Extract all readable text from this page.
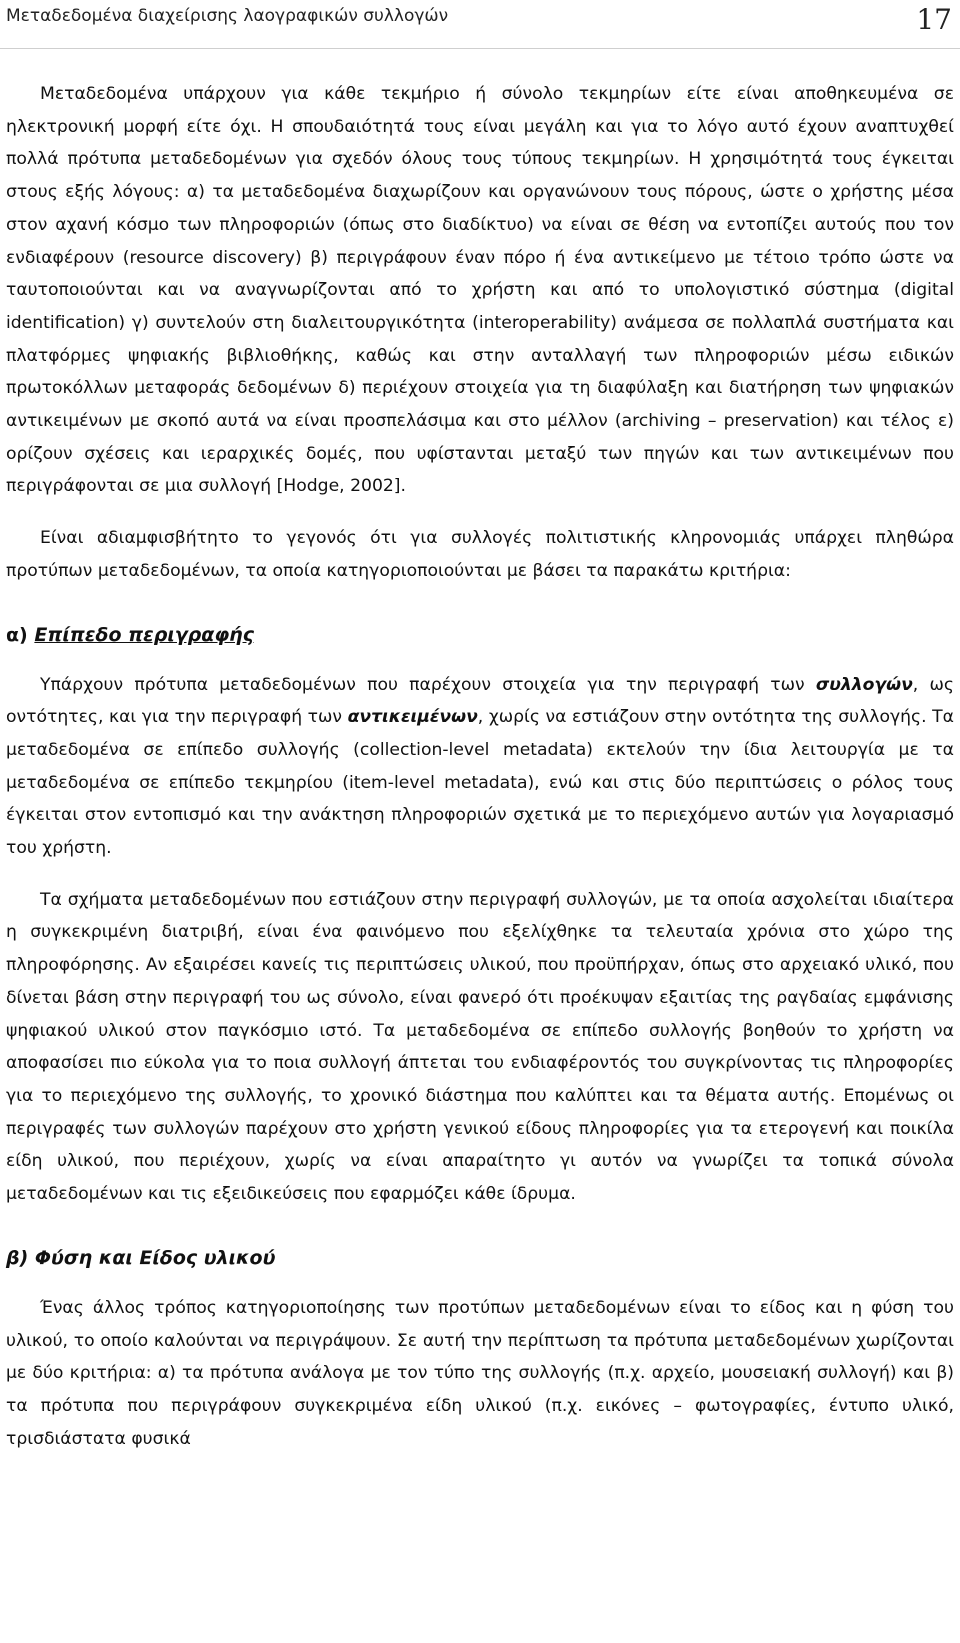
Μεταδεδομένα διαχείρισης λαογραφικών συλλογών	17

Μεταδεδομένα υπάρχουν για κάθε τεκμήριο ή σύνολο τεκμηρίων είτε είναι αποθηκευμένα σε ηλεκτρονική μορφή είτε όχι. Η σπουδαιότητά τους είναι μεγάλη και για το λόγο αυτό έχουν αναπτυχθεί πολλά πρότυπα μεταδεδομένων για σχεδόν όλους τους τύπους τεκμηρίων. Η χρησιμότητά τους έγκειται στους εξής λόγους: α) τα μεταδεδομένα διαχωρίζουν και οργανώνουν τους πόρους, ώστε ο χρήστης μέσα στον αχανή κόσμο των πληροφοριών (όπως στο διαδίκτυο) να είναι σε θέση να εντοπίζει αυτούς που τον ενδιαφέρουν (resource discovery) β) περιγράφουν έναν πόρο ή ένα αντικείμενο με τέτοιο τρόπο ώστε να ταυτοποιούνται και να αναγνωρίζονται από το χρήστη και από το υπολογιστικό σύστημα (digital identification) γ) συντελούν στη διαλειτουργικότητα (interoperability) ανάμεσα σε πολλαπλά συστήματα και πλατφόρμες ψηφιακής βιβλιοθήκης, καθώς και στην ανταλλαγή των πληροφοριών μέσω ειδικών πρωτοκόλλων μεταφοράς δεδομένων δ) περιέχουν στοιχεία για τη διαφύλαξη και διατήρηση των ψηφιακών αντικειμένων με σκοπό αυτά να είναι προσπελάσιμα και στο μέλλον (archiving – preservation) και τέλος ε) ορίζουν σχέσεις και ιεραρχικές δομές, που υφίστανται μεταξύ των πηγών και των αντικειμένων που περιγράφονται σε μια συλλογή [Hodge, 2002].

Είναι αδιαμφισβήτητο το γεγονός ότι για συλλογές πολιτιστικής κληρονομιάς υπάρχει πληθώρα προτύπων μεταδεδομένων, τα οποία κατηγοριοποιούνται με βάσει τα παρακάτω κριτήρια:

α) Επίπεδο περιγραφής

Υπάρχουν πρότυπα μεταδεδομένων που παρέχουν στοιχεία για την περιγραφή των συλλογών, ως οντότητες, και για την περιγραφή των αντικειμένων, χωρίς να εστιάζουν στην οντότητα της συλλογής. Τα μεταδεδομένα σε επίπεδο συλλογής (collection-level metadata) εκτελούν την ίδια λειτουργία με τα μεταδεδομένα σε επίπεδο τεκμηρίου (item-level metadata), ενώ και στις δύο περιπτώσεις ο ρόλος τους έγκειται στον εντοπισμό και την ανάκτηση πληροφοριών σχετικά με το περιεχόμενο αυτών για λογαριασμό του χρήστη.

Τα σχήματα μεταδεδομένων που εστιάζουν στην περιγραφή συλλογών, με τα οποία ασχολείται ιδιαίτερα η συγκεκριμένη διατριβή, είναι ένα φαινόμενο που εξελίχθηκε τα τελευταία χρόνια στο χώρο της πληροφόρησης. Αν εξαιρέσει κανείς τις περιπτώσεις υλικού, που προϋπήρχαν, όπως στο αρχειακό υλικό, που δίνεται βάση στην περιγραφή του ως σύνολο, είναι φανερό ότι προέκυψαν εξαιτίας της ραγδαίας εμφάνισης ψηφιακού υλικού στον παγκόσμιο ιστό. Τα μεταδεδομένα σε επίπεδο συλλογής βοηθούν το χρήστη να αποφασίσει πιο εύκολα για το ποια συλλογή άπτεται του ενδιαφέροντός του συγκρίνοντας τις πληροφορίες για το περιεχόμενο της συλλογής, το χρονικό διάστημα που καλύπτει και τα θέματα αυτής. Επομένως οι περιγραφές των συλλογών παρέχουν στο χρήστη γενικού είδους πληροφορίες για τα ετερογενή και ποικίλα είδη υλικού, που περιέχουν, χωρίς να είναι απαραίτητο γι αυτόν να γνωρίζει τα τοπικά σύνολα μεταδεδομένων και τις εξειδικεύσεις που εφαρμόζει κάθε ίδρυμα.

β) Φύση και Είδος υλικού

Ένας άλλος τρόπος κατηγοριοποίησης των προτύπων μεταδεδομένων είναι το είδος και η φύση του υλικού, το οποίο καλούνται να περιγράψουν. Σε αυτή την περίπτωση τα πρότυπα μεταδεδομένων χωρίζονται με δύο κριτήρια: α) τα πρότυπα ανάλογα με τον τύπο της συλλογής (π.χ. αρχείο, μουσειακή συλλογή) και β) τα πρότυπα που περιγράφουν συγκεκριμένα είδη υλικού (π.χ. εικόνες – φωτογραφίες, έντυπο υλικό, τρισδιάστατα φυσικά
